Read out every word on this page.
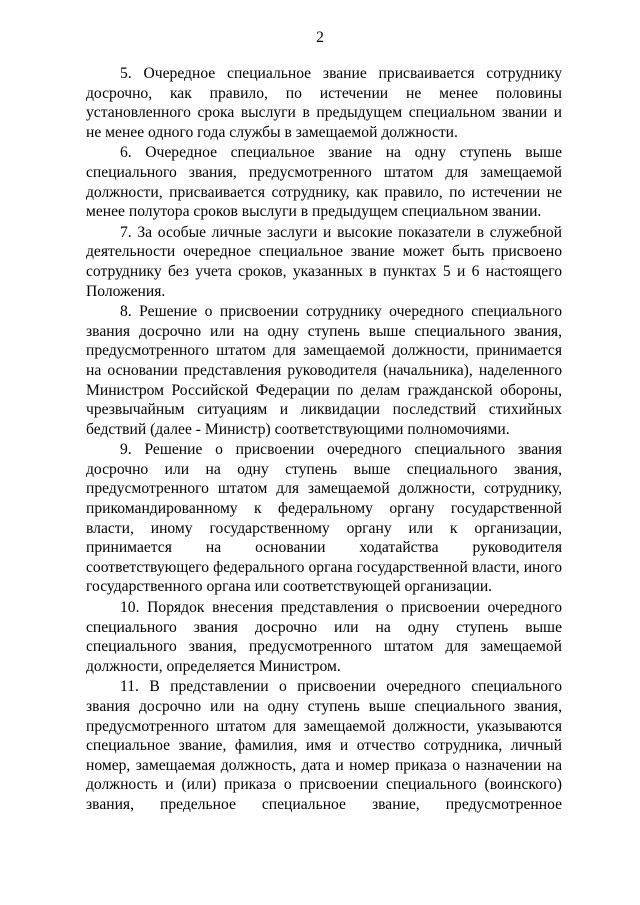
2

5. Очередное специальное звание присваивается сотруднику досрочно, как правило, по истечении не менее половины установленного срока выслуги в предыдущем специальном звании и не менее одного года службы в замещаемой должности.

6. Очередное специальное звание на одну ступень выше специального звания, предусмотренного штатом для замещаемой должности, присваивается сотруднику, как правило, по истечении не менее полутора сроков выслуги в предыдущем специальном звании.

7. За особые личные заслуги и высокие показатели в служебной деятельности очередное специальное звание может быть присвоено сотруднику без учета сроков, указанных в пунктах 5 и 6 настоящего Положения.

8. Решение о присвоении сотруднику очередного специального звания досрочно или на одну ступень выше специального звания, предусмотренного штатом для замещаемой должности, принимается на основании представления руководителя (начальника), наделенного Министром Российской Федерации по делам гражданской обороны, чрезвычайным ситуациям и ликвидации последствий стихийных бедствий (далее - Министр) соответствующими полномочиями.

9. Решение о присвоении очередного специального звания досрочно или на одну ступень выше специального звания, предусмотренного штатом для замещаемой должности, сотруднику, прикомандированному к федеральному органу государственной власти, иному государственному органу или к организации, принимается на основании ходатайства руководителя соответствующего федерального органа государственной власти, иного государственного органа или соответствующей организации.

10. Порядок внесения представления о присвоении очередного специального звания досрочно или на одну ступень выше специального звания, предусмотренного штатом для замещаемой должности, определяется Министром.

11. В представлении о присвоении очередного специального звания досрочно или на одну ступень выше специального звания, предусмотренного штатом для замещаемой должности, указываются специальное звание, фамилия, имя и отчество сотрудника, личный номер, замещаемая должность, дата и номер приказа о назначении на должность и (или) приказа о присвоении специального (воинского) звания, предельное специальное звание, предусмотренное
